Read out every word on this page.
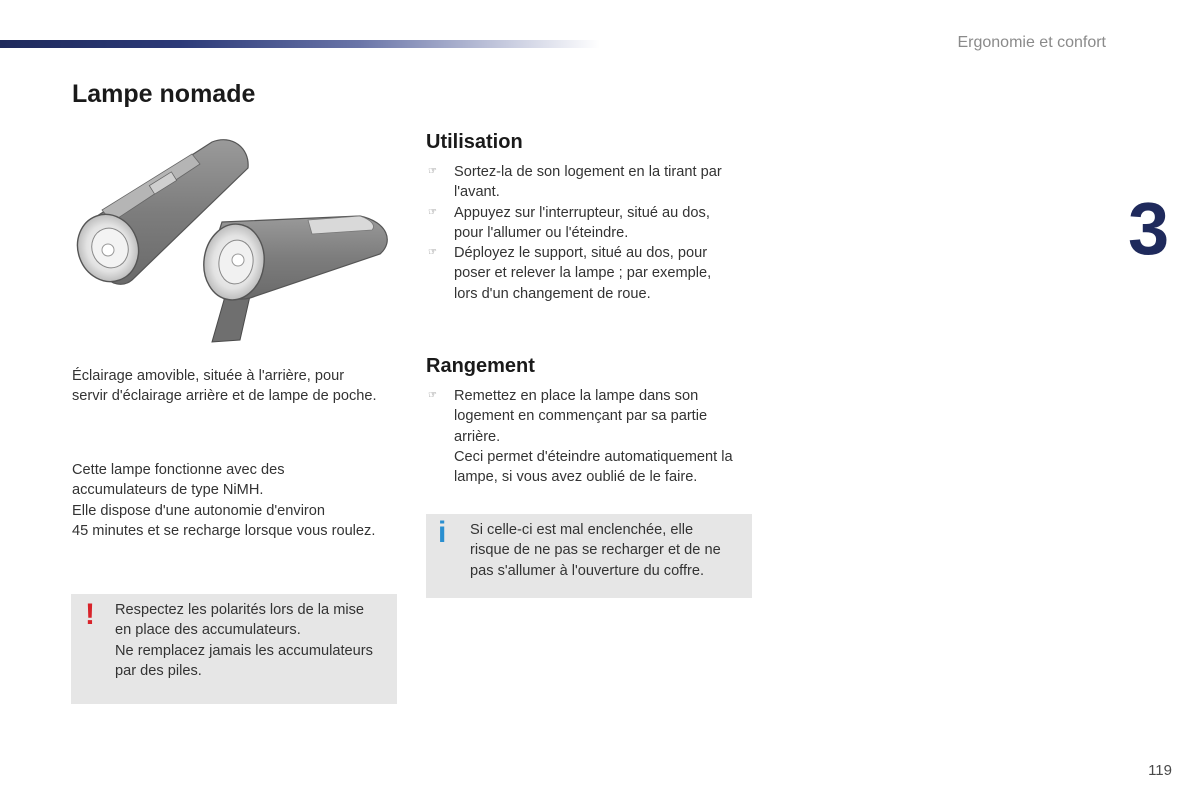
Ergonomie et confort
3
119
Lampe nomade

Éclairage amovible, située à l'arrière, pour
servir d'éclairage arrière et de lampe de poche.

Cette lampe fonctionne avec des
accumulateurs de type NiMH.
Elle dispose d'une autonomie d'environ
45 minutes et se recharge lorsque vous roulez.

! Respectez les polarités lors de la mise
en place des accumulateurs.
Ne remplacez jamais les accumulateurs
par des piles.

Utilisation
☞ Sortez-la de son logement en la tirant par
l'avant.
☞ Appuyez sur l'interrupteur, situé au dos,
pour l'allumer ou l'éteindre.
☞ Déployez le support, situé au dos, pour
poser et relever la lampe ; par exemple,
lors d'un changement de roue.
Rangement
☞ Remettez en place la lampe dans son
logement en commençant par sa partie
arrière.
Ceci permet d'éteindre automatiquement la
lampe, si vous avez oublié de le faire.
i Si celle-ci est mal enclenchée, elle
risque de ne pas se recharger et de ne
pas s'allumer à l'ouverture du coffre.
